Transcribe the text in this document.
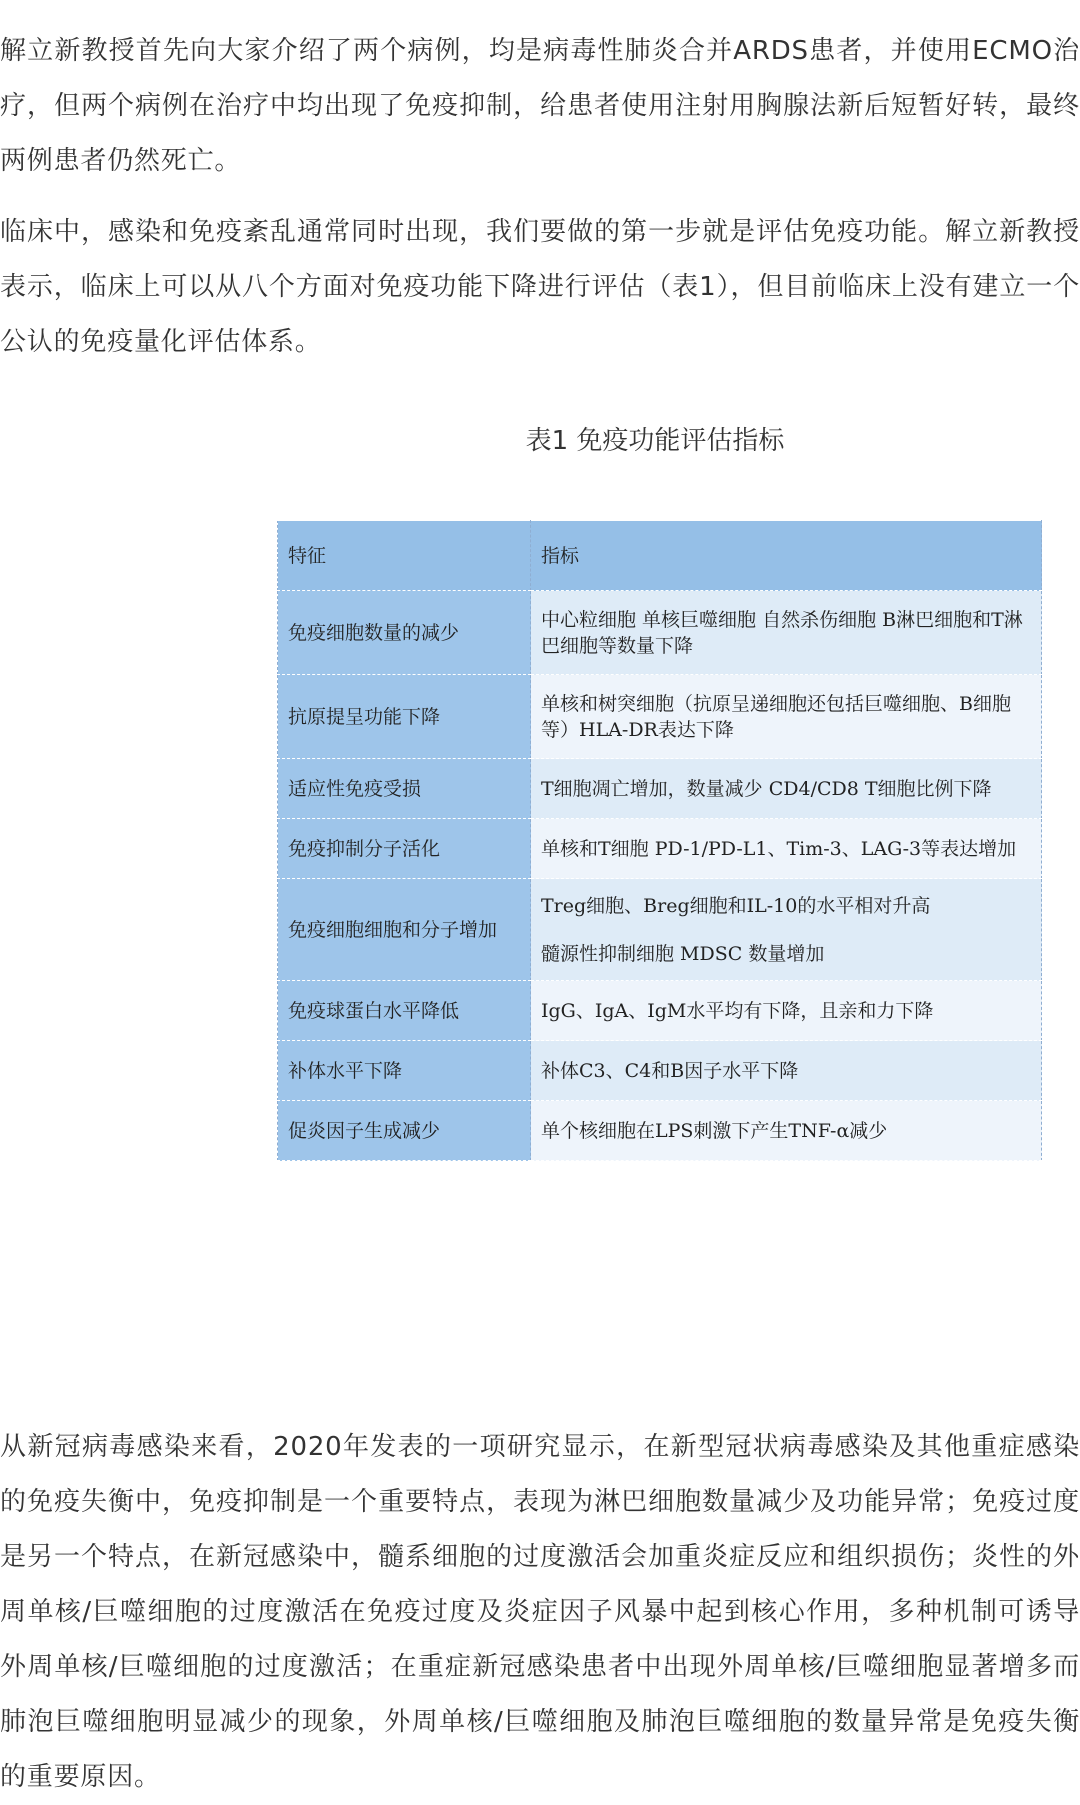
解立新教授首先向大家介绍了两个病例，均是病毒性肺炎合并ARDS患者，并使用ECMO治疗，但两个病例在治疗中均出现了免疫抑制，给患者使用注射用胸腺法新后短暂好转，最终两例患者仍然死亡。

临床中，感染和免疫紊乱通常同时出现，我们要做的第一步就是评估免疫功能。解立新教授表示，临床上可以从八个方面对免疫功能下降进行评估（表1），但目前临床上没有建立一个公认的免疫量化评估体系。

表1 免疫功能评估指标

特征	指标
免疫细胞数量的减少	中心粒细胞 单核巨噬细胞 自然杀伤细胞 B淋巴细胞和T淋巴细胞等数量下降

抗原提呈功能下降	单核和树突细胞（抗原呈递细胞还包括巨噬细胞、B细胞等）HLA-DR表达下降

适应性免疫受损	T细胞凋亡增加，数量减少 CD4/CD8 T细胞比例下降

免疫抑制分子活化	单核和T细胞 PD-1/PD-L1、Tim-3、LAG-3等表达增加

免疫细胞细胞和分子增加	Treg细胞、Breg细胞和IL-10的水平相对升高
髓源性抑制细胞 MDSC 数量增加

免疫球蛋白水平降低	IgG、IgA、IgM水平均有下降，且亲和力下降

补体水平下降	补体C3、C4和B因子水平下降

促炎因子生成减少	单个核细胞在LPS刺激下产生TNF-α减少

从新冠病毒感染来看，2020年发表的一项研究显示，在新型冠状病毒感染及其他重症感染的免疫失衡中，免疫抑制是一个重要特点，表现为淋巴细胞数量减少及功能异常；免疫过度是另一个特点，在新冠感染中，髓系细胞的过度激活会加重炎症反应和组织损伤；炎性的外周单核/巨噬细胞的过度激活在免疫过度及炎症因子风暴中起到核心作用，多种机制可诱导外周单核/巨噬细胞的过度激活；在重症新冠感染患者中出现外周单核/巨噬细胞显著增多而肺泡巨噬细胞明显减少的现象，外周单核/巨噬细胞及肺泡巨噬细胞的数量异常是免疫失衡的重要原因。
